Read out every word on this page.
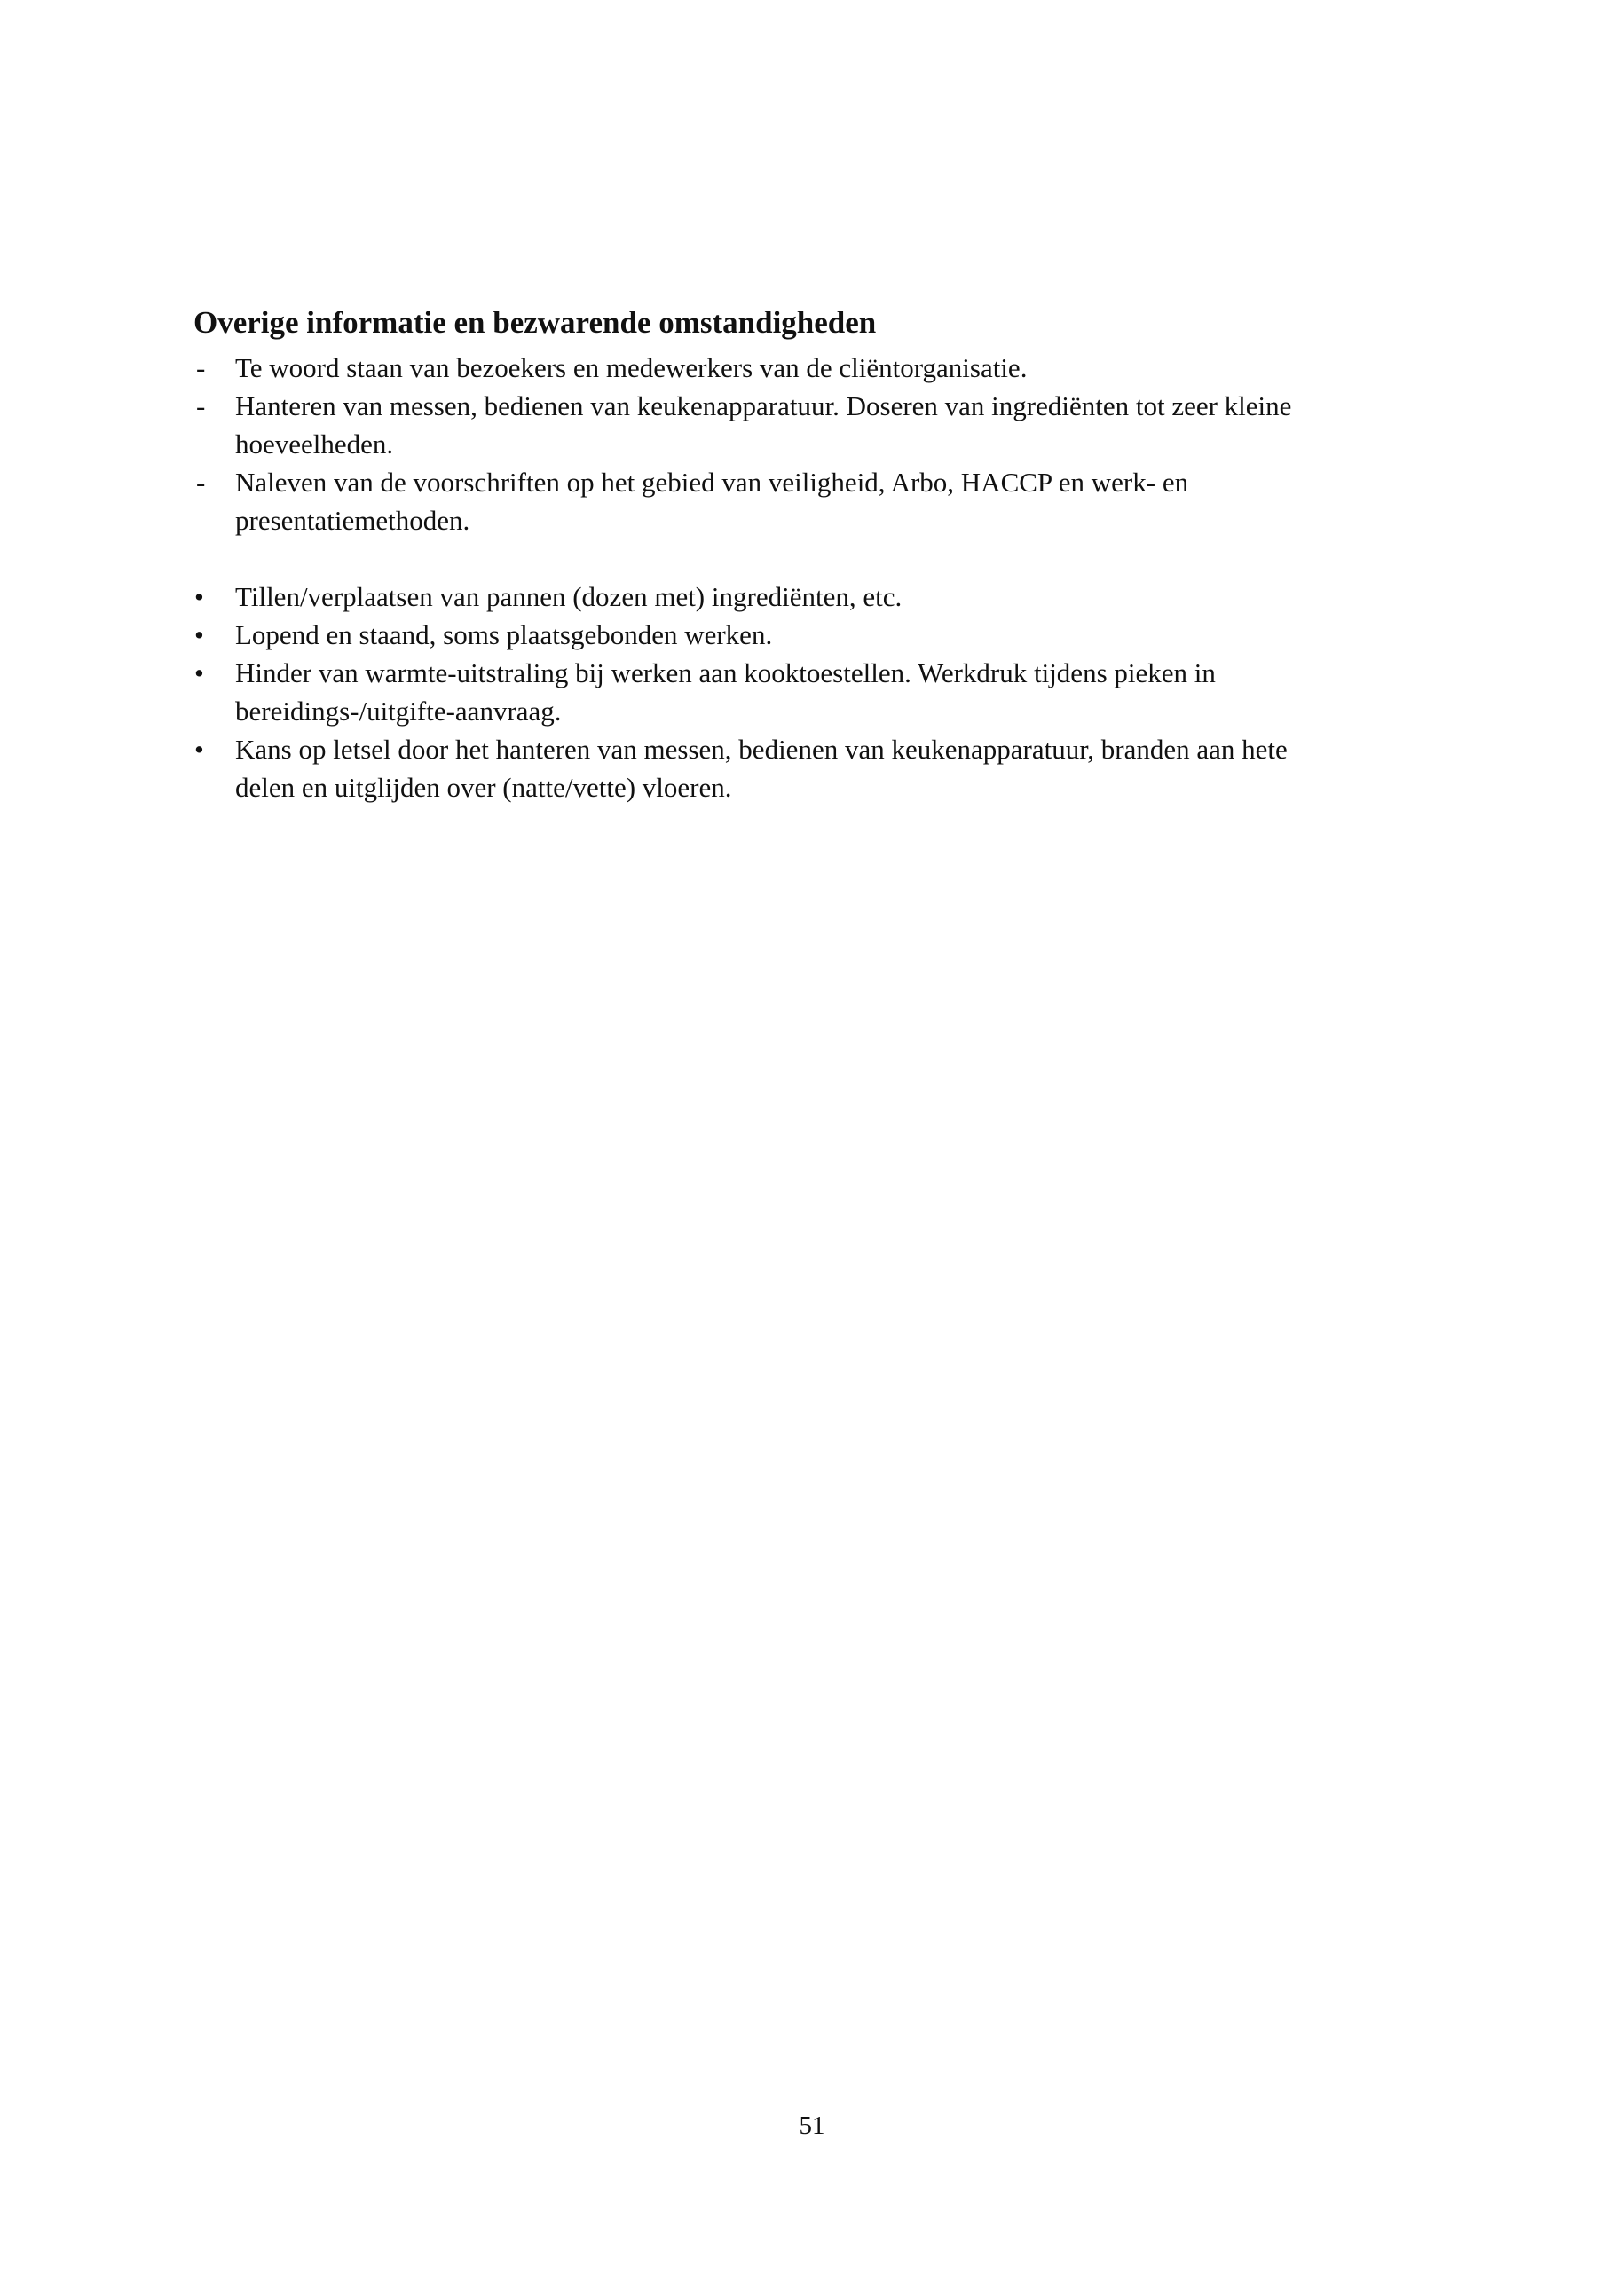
Overige informatie en bezwarende omstandigheden
-	Te woord staan van bezoekers en medewerkers van de cliëntorganisatie.
-	Hanteren van messen, bedienen van keukenapparatuur. Doseren van ingrediënten tot zeer kleine
hoeveelheden.
-	Naleven van de voorschriften op het gebied van veiligheid, Arbo, HACCP en werk- en
presentatiemethoden.
•	Tillen/verplaatsen van pannen (dozen met) ingrediënten, etc.
•	Lopend en staand, soms plaatsgebonden werken.
•	Hinder van warmte-uitstraling bij werken aan kooktoestellen. Werkdruk tijdens pieken in
bereidings-/uitgifte-aanvraag.
•	Kans op letsel door het hanteren van messen, bedienen van keukenapparatuur, branden aan hete
delen en uitglijden over (natte/vette) vloeren.
51
